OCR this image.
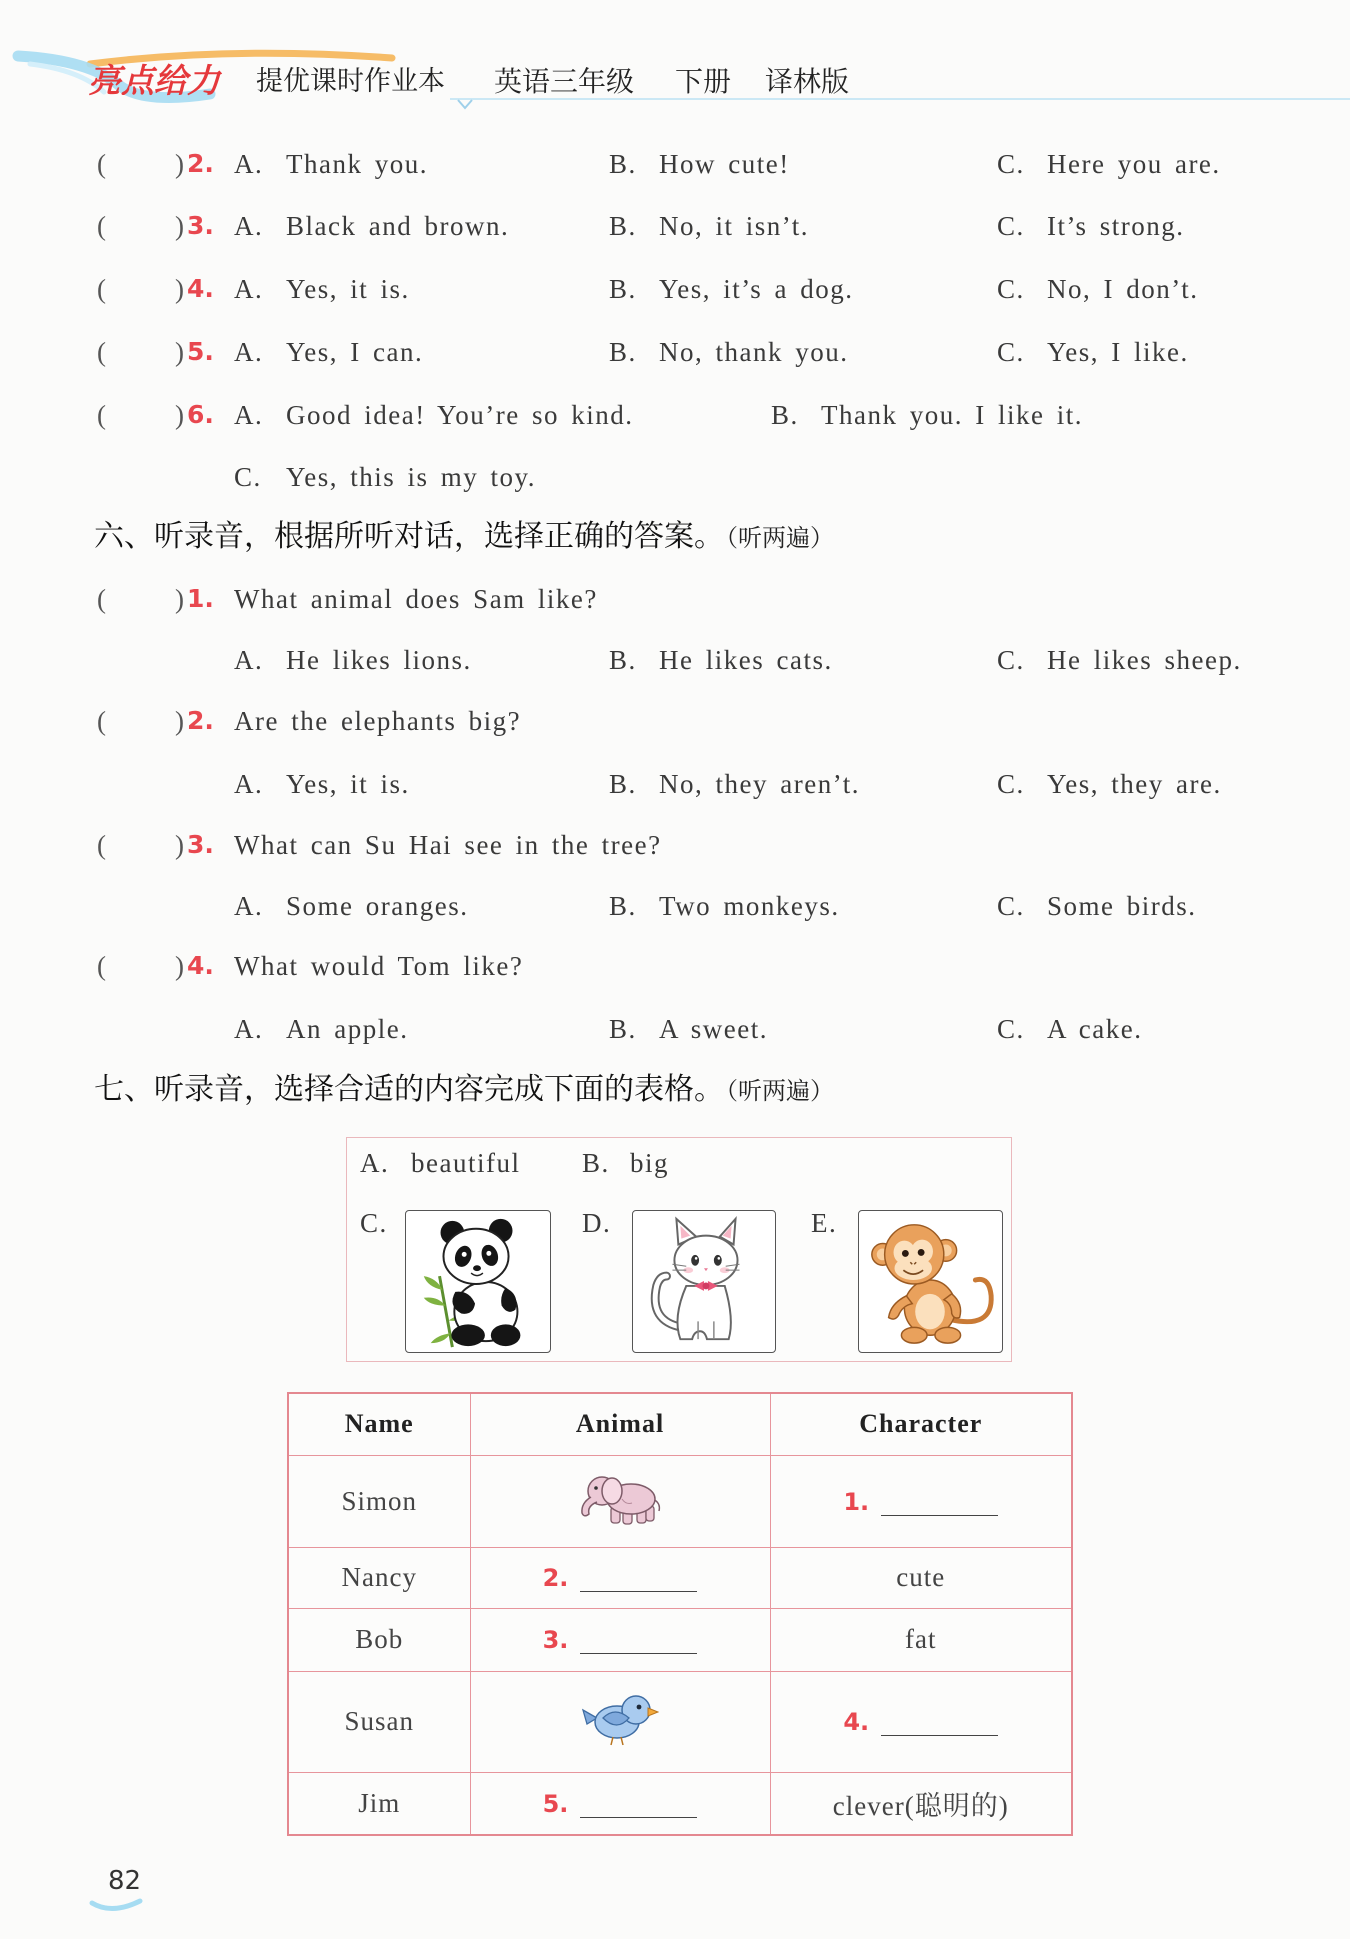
亮点给力 提优课时作业本 英语三年级 下册 译林版
(	) 2. A. Thank you.	B. How cute!	C. Here you are.
(	) 3. A. Black and brown.	B. No, it isn’t.	C. It’s strong.
(	) 4. A. Yes, it is.	B. Yes, it’s a dog.	C. No, I don’t.
(	) 5. A. Yes, I can.	B. No, thank you.	C. Yes, I like.
(	) 6. A. Good idea! You’re so kind.	B. Thank you. I like it.
C. Yes, this is my toy.
六、听录音，根据所听对话，选择正确的答案。（听两遍）
(	) 1. What animal does Sam like?
A. He likes lions.	B. He likes cats.	C. He likes sheep.
(	) 2. Are the elephants big?
A. Yes, it is.	B. No, they aren’t.	C. Yes, they are.
(	) 3. What can Su Hai see in the tree?
A. Some oranges.	B. Two monkeys.	C. Some birds.
(	) 4. What would Tom like?
A. An apple.	B. A sweet.	C. A cake.
七、听录音，选择合适的内容完成下面的表格。（听两遍）
A. beautiful B. big
C.	D.	E.
Name	Animal	Character
Simon		1.

Nancy	2.	cute
Bob	3.	fat
Susan		4.

Jim	5.	clever(聪明的)
82
